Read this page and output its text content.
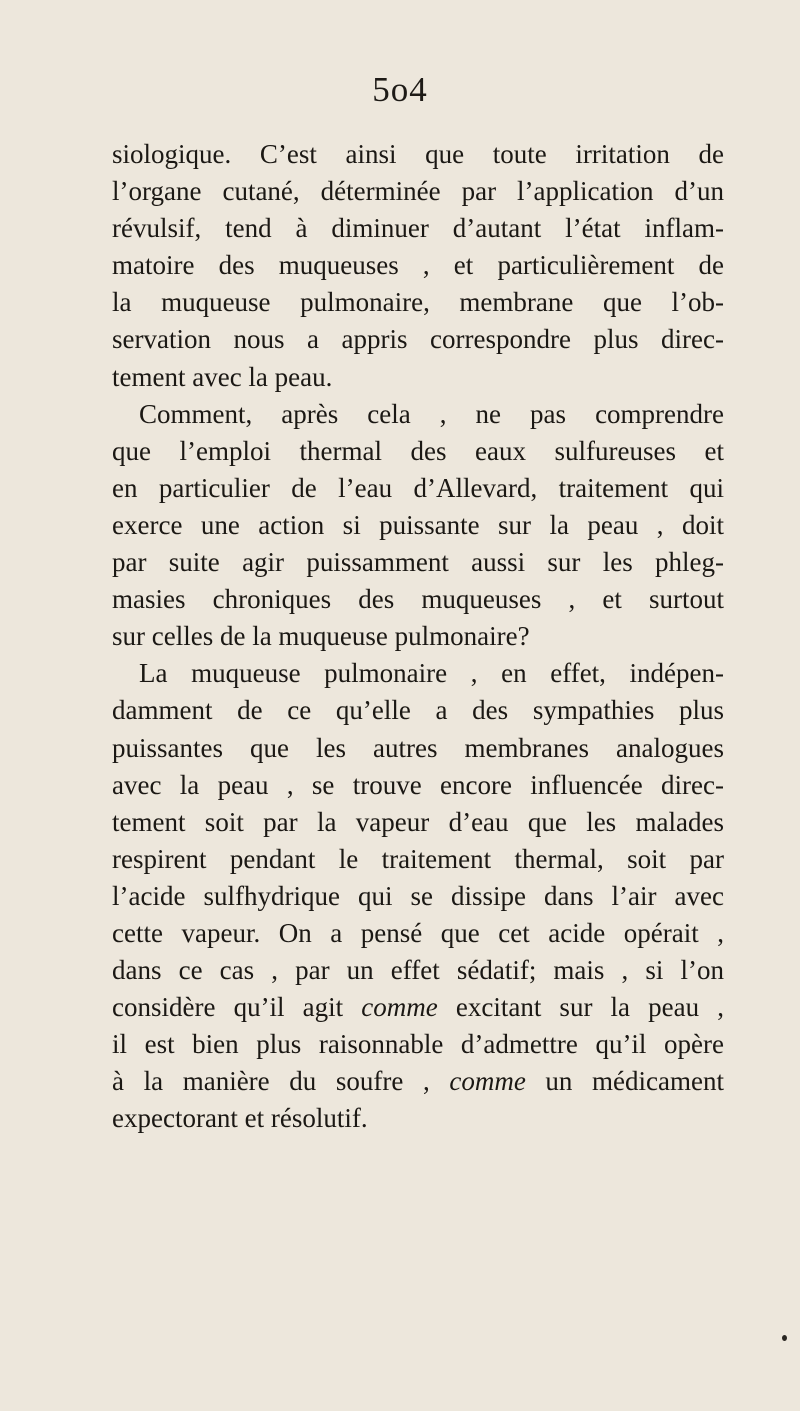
5o4
siologique. C’est ainsi que toute irritation de
l’organe cutané, déterminée par l’application d’un
révulsif, tend à diminuer d’autant l’état inflam-
matoire des muqueuses , et particulièrement de
la muqueuse pulmonaire, membrane que l’ob-
servation nous a appris correspondre plus direc-
tement avec la peau.
Comment, après cela , ne pas comprendre
que l’emploi thermal des eaux sulfureuses et
en particulier de l’eau d’Allevard, traitement qui
exerce une action si puissante sur la peau , doit
par suite agir puissamment aussi sur les phleg-
masies chroniques des muqueuses , et surtout
sur celles de la muqueuse pulmonaire?
La muqueuse pulmonaire , en effet, indépen-
damment de ce qu’elle a des sympathies plus
puissantes que les autres membranes analogues
avec la peau , se trouve encore influencée direc-
tement soit par la vapeur d’eau que les malades
respirent pendant le traitement thermal, soit par
l’acide sulfhydrique qui se dissipe dans l’air avec
cette vapeur. On a pensé que cet acide opérait ,
dans ce cas , par un effet sédatif; mais , si l’on
considère qu’il agit comme excitant sur la peau ,
il est bien plus raisonnable d’admettre qu’il opère
à la manière du soufre , comme un médicament
expectorant et résolutif.
